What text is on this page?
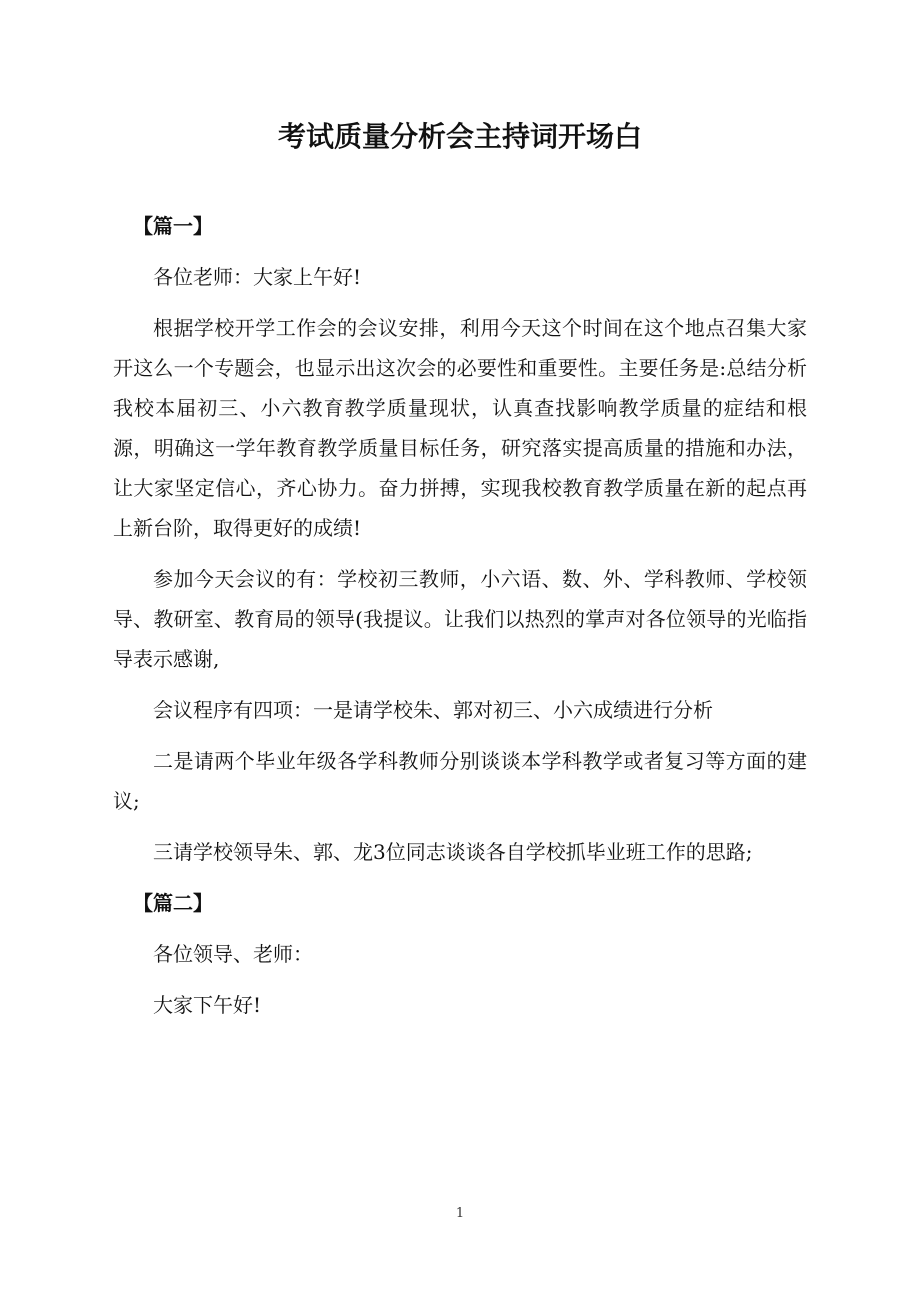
考试质量分析会主持词开场白

【篇一】

各位老师：大家上午好!

根据学校开学工作会的会议安排，利用今天这个时间在这个地点召集大家开这么一个专题会，也显示出这次会的必要性和重要性。主要任务是:总结分析我校本届初三、小六教育教学质量现状，认真查找影响教学质量的症结和根源，明确这一学年教育教学质量目标任务，研究落实提高质量的措施和办法，让大家坚定信心，齐心协力。奋力拼搏，实现我校教育教学质量在新的起点再上新台阶，取得更好的成绩!

参加今天会议的有：学校初三教师，小六语、数、外、学科教师、学校领导、教研室、教育局的领导(我提议。让我们以热烈的掌声对各位领导的光临指导表示感谢,

会议程序有四项：一是请学校朱、郭对初三、小六成绩进行分析

二是请两个毕业年级各学科教师分别谈谈本学科教学或者复习等方面的建议;

三请学校领导朱、郭、龙3位同志谈谈各自学校抓毕业班工作的思路;

【篇二】

各位领导、老师：

大家下午好!

1
